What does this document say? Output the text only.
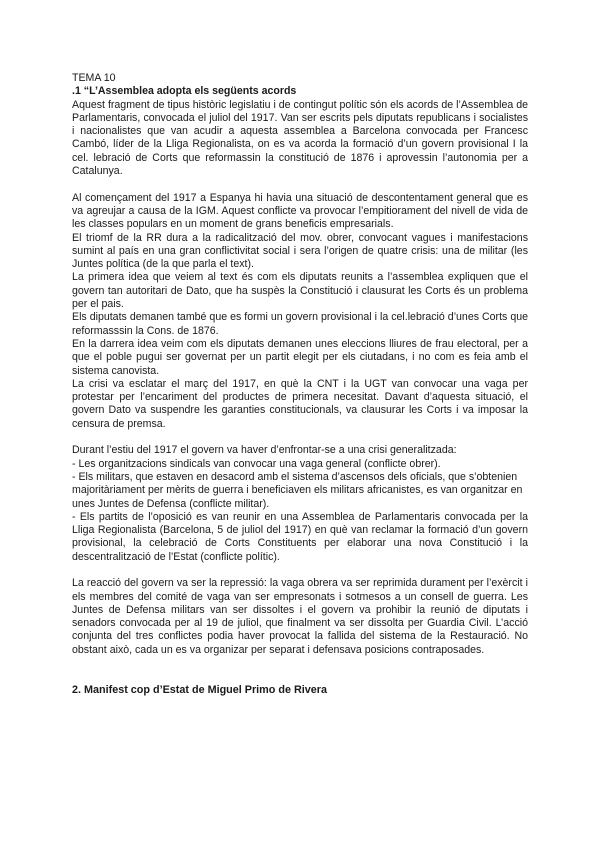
TEMA 10

.1 “L’Assemblea adopta els següents acords

Aquest fragment de tipus històric legislatiu i de contingut polític són els acords de l’Assemblea de Parlamentaris, convocada el juliol del 1917. Van ser escrits pels diputats republicans i socialistes i nacionalistes que van acudir a aquesta assemblea a Barcelona convocada per Francesc Cambó, líder de la Lliga Regionalista, on es va acorda la formació d’un govern provisional I la cel. lebració de Corts que reformassin la constitució de 1876 i aprovessin l’autonomia per a Catalunya.

Al començament del 1917 a Espanya hi havia una situació de descontentament general que es va agreujar a causa de la IGM. Aquest conflicte va provocar l’empitiorament del nivell de vida de les classes populars en un moment de grans beneficis empresarials.

El triomf de la RR dura a la radicalització del mov. obrer, convocant vagues i manifestacions sumint al país en una gran conflictivitat social i sera l’origen de quatre crisis: una de militar (les Juntes política (de la que parla el text).

La primera idea que veiem al text és com els diputats reunits a l’assemblea expliquen que el govern tan autoritari de Dato, que ha suspès la Constitució i clausurat les Corts és un problema per el pais.

Els diputats demanen també que es formi un govern provisional i la cel.lebració d’unes Corts que reformasssin la Cons. de 1876.

En la darrera idea veim com els diputats demanen unes eleccions lliures de frau electoral, per a que el poble pugui ser governat per un partit elegit per els ciutadans, i no com es feia amb el sistema canovista.

La crisi va esclatar el març del 1917, en què la CNT i la UGT van convocar una vaga per protestar per l’encariment del productes de primera necesitat. Davant d’aquesta situació, el govern Dato va suspendre les garanties constitucionals, va clausurar les Corts i va imposar la censura de premsa.

Durant l’estiu del 1917 el govern va haver d’enfrontar-se a una crisi generalitzada:

- Les organitzacions sindicals van convocar una vaga general (conflicte obrer).

- Els militars, que estaven en desacord amb el sistema d’ascensos dels oficials, que s’obtenien majoritàriament per mèrits de guerra i beneficiaven els militars africanistes, es van organitzar en unes Juntes de Defensa (conflicte militar).

- Els partits de l’oposició es van reunir en una Assemblea de Parlamentaris convocada per la Lliga Regionalista (Barcelona, 5 de juliol del 1917) en què van reclamar la formació d’un govern provisional, la celebració de Corts Constituents per elaborar una nova Constitució i la descentralització de l’Estat (conflicte polític).

La reacció del govern va ser la repressió: la vaga obrera va ser reprimida durament per l’exèrcit i els membres del comité de vaga van ser empresonats i sotmesos a un consell de guerra. Les Juntes de Defensa militars van ser dissoltes i el govern va prohibir la reunió de diputats i senadors convocada per al 19 de juliol, que finalment va ser dissolta per Guardia Civil. L’acció conjunta del tres conflictes podia haver provocat la fallida del sistema de la Restauració. No obstant això, cada un es va organizar per separat i defensava posicions contraposades.

2. Manifest cop d’Estat de Miguel Primo de Rivera
